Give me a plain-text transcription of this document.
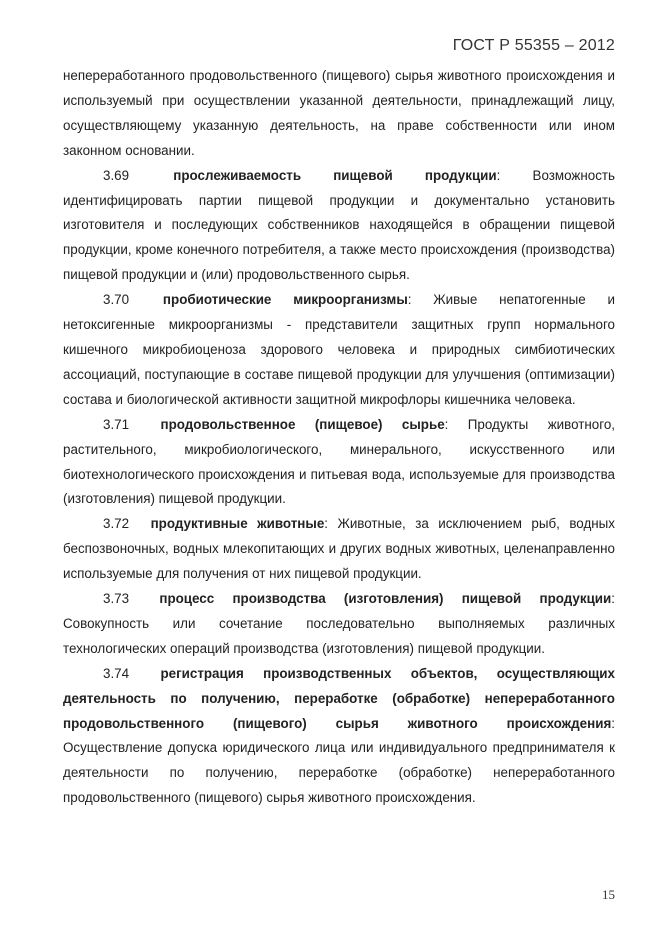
ГОСТ Р 55355 – 2012

непереработанного продовольственного (пищевого) сырья животного происхождения и используемый при осуществлении указанной деятельности, принадлежащий лицу, осуществляющему указанную деятельность, на праве собственности или ином законном основании.

3.69	прослеживаемость пищевой продукции: Возможность идентифицировать партии пищевой продукции и документально установить изготовителя и последующих собственников находящейся в обращении пищевой продукции, кроме конечного потребителя, а также место происхождения (производства) пищевой продукции и (или) продовольственного сырья.

3.70	пробиотические микроорганизмы: Живые непатогенные и нетоксигенные микроорганизмы - представители защитных групп нормального кишечного микробиоценоза здорового человека и природных симбиотических ассоциаций, поступающие в составе пищевой продукции для улучшения (оптимизации) состава и биологической активности защитной микрофлоры кишечника человека.

3.71 продовольственное (пищевое) сырье: Продукты животного, растительного, микробиологического, минерального, искусственного или биотехнологического происхождения и питьевая вода, используемые для производства (изготовления) пищевой продукции.

3.72 продуктивные животные: Животные, за исключением рыб, водных беспозвоночных, водных млекопитающих и других водных животных, целенаправленно используемые для получения от них пищевой продукции.

3.73 процесс производства (изготовления) пищевой продукции: Совокупность или сочетание последовательно выполняемых различных технологических операций производства (изготовления) пищевой продукции.

3.74 регистрация производственных объектов, осуществляющих деятельность по получению, переработке (обработке) непереработанного продовольственного (пищевого) сырья животного происхождения: Осуществление допуска юридического лица или индивидуального предпринимателя к деятельности по получению, переработке (обработке) непереработанного продовольственного (пищевого) сырья животного происхождения.

15
